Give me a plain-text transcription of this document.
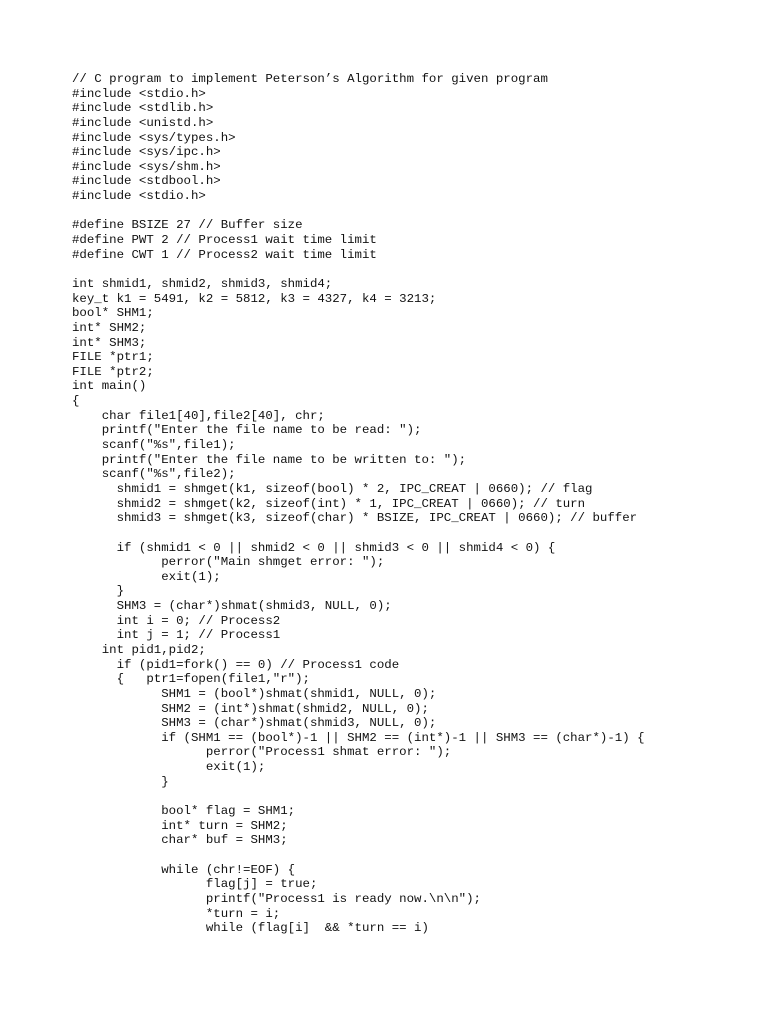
// C program to implement Peterson’s Algorithm for given program
#include <stdio.h>
#include <stdlib.h>
#include <unistd.h>
#include <sys/types.h>
#include <sys/ipc.h>
#include <sys/shm.h>
#include <stdbool.h>
#include <stdio.h>

#define BSIZE 27 // Buffer size
#define PWT 2 // Process1 wait time limit
#define CWT 1 // Process2 wait time limit

int shmid1, shmid2, shmid3, shmid4;
key_t k1 = 5491, k2 = 5812, k3 = 4327, k4 = 3213;
bool* SHM1;
int* SHM2;
int* SHM3;
FILE *ptr1;
FILE *ptr2;
int main()
{
char file1[40],file2[40], chr;
printf("Enter the file name to be read: ");
scanf("%s",file1);
printf("Enter the file name to be written to: ");
scanf("%s",file2);
shmid1 = shmget(k1, sizeof(bool) * 2, IPC_CREAT | 0660); // flag
shmid2 = shmget(k2, sizeof(int) * 1, IPC_CREAT | 0660); // turn
shmid3 = shmget(k3, sizeof(char) * BSIZE, IPC_CREAT | 0660); // buffer

if (shmid1 < 0 || shmid2 < 0 || shmid3 < 0 || shmid4 < 0) {
perror("Main shmget error: ");
exit(1);
}
SHM3 = (char*)shmat(shmid3, NULL, 0);
int i = 0; // Process2
int j = 1; // Process1
int pid1,pid2;
if (pid1=fork() == 0) // Process1 code
{   ptr1=fopen(file1,"r");
SHM1 = (bool*)shmat(shmid1, NULL, 0);
SHM2 = (int*)shmat(shmid2, NULL, 0);
SHM3 = (char*)shmat(shmid3, NULL, 0);
if (SHM1 == (bool*)-1 || SHM2 == (int*)-1 || SHM3 == (char*)-1) {
perror("Process1 shmat error: ");
exit(1);
}

bool* flag = SHM1;
int* turn = SHM2;
char* buf = SHM3;

while (chr!=EOF) {
flag[j] = true;
printf("Process1 is ready now.\n\n");
*turn = i;
while (flag[i]  && *turn == i)
